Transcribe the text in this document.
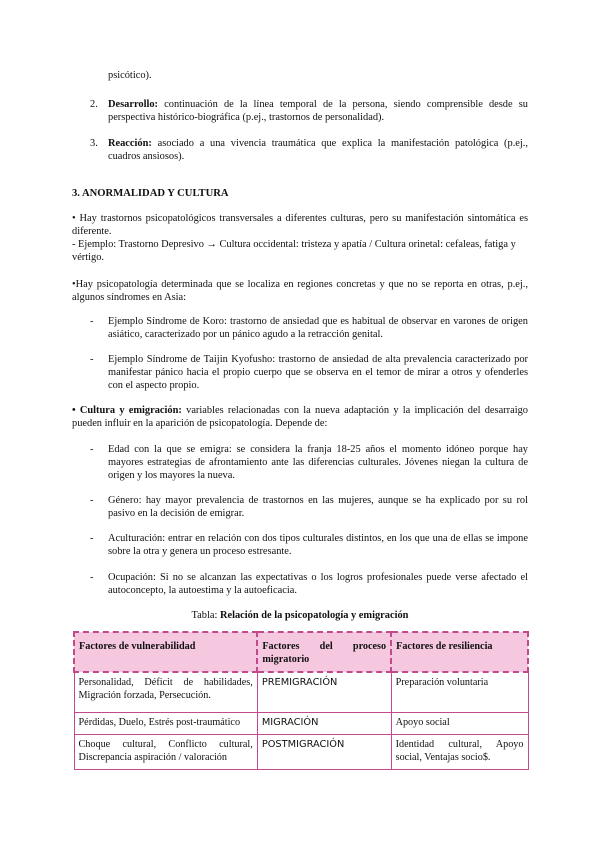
psicótico).
2. Desarrollo: continuación de la línea temporal de la persona, siendo comprensible desde su perspectiva histórico-biográfica (p.ej., trastornos de personalidad).
3. Reacción: asociado a una vivencia traumática que explica la manifestación patológica (p.ej., cuadros ansiosos).
3. ANORMALIDAD Y CULTURA
• Hay trastornos psicopatológicos transversales a diferentes culturas, pero su manifestación sintomática es diferente.
- Ejemplo: Trastorno Depresivo → Cultura occidental: tristeza y apatía / Cultura orinetal: cefaleas, fatiga y vértigo.
•Hay psicopatología determinada que se localiza en regiones concretas y que no se reporta en otras, p.ej., algunos síndromes en Asia:
-	Ejemplo Síndrome de Koro: trastorno de ansiedad que es habitual de observar en varones de origen asiático, caracterizado por un pánico agudo a la retracción genital.
-	Ejemplo Síndrome de Taijin Kyofusho: trastorno de ansiedad de alta prevalencia caracterizado por manifestar pánico hacia el propio cuerpo que se observa en el temor de mirar a otros y ofenderles con el aspecto propio.
• Cultura y emigración: variables relacionadas con la nueva adaptación y la implicación del desarraigo pueden influir en la aparición de psicopatología. Depende de:
-	Edad con la que se emigra: se considera la franja 18-25 años el momento idóneo porque hay mayores estrategias de afrontamiento ante las diferencias culturales. Jóvenes niegan la cultura de origen y los mayores la nueva.
-	Género: hay mayor prevalencia de trastornos en las mujeres, aunque se ha explicado por su rol pasivo en la decisión de emigrar.
-	Aculturación: entrar en relación con dos tipos culturales distintos, en los que una de ellas se impone sobre la otra y genera un proceso estresante.
-	Ocupación: Si no se alcanzan las expectativas o los logros profesionales puede verse afectado el autoconcepto, la autoestima y la autoeficacia.
Tabla: Relación de la psicopatología y emigración
Factores de vulnerabilidad	Factores del proceso migratorio	Factores de resiliencia
Personalidad, Déficit de habilidades, Migración forzada, Persecución.	PREMIGRACIÓN	Preparación voluntaria
Pérdidas, Duelo, Estrés post-traumático	MIGRACIÓN	Apoyo social
Choque cultural, Conflicto cultural, Discrepancia aspiración / valoración	POSTMIGRACIÓN	Identidad cultural, Apoyo social, Ventajas socio$.
